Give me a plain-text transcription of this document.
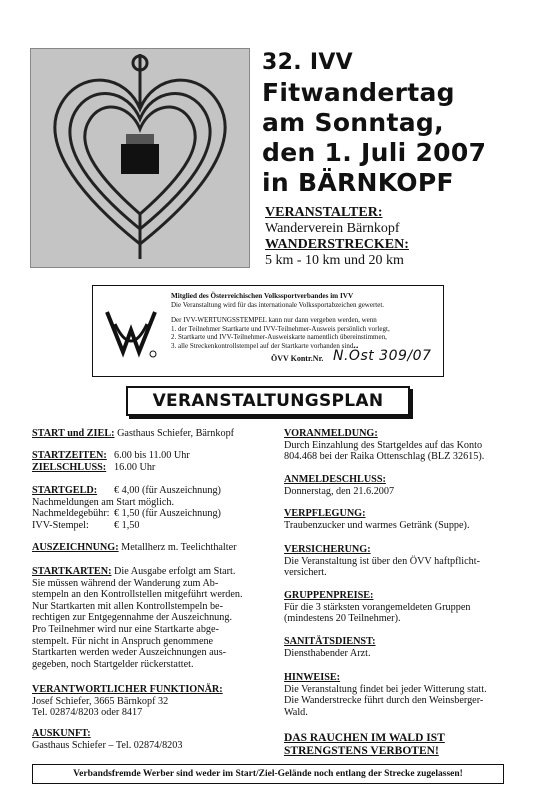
32. IVV
Fitwandertag
am Sonntag,
den 1. Juli 2007
in BÄRNKOPF
VERANSTALTER:
Wanderverein Bärnkopf
WANDERSTRECKEN:
5 km - 10 km und 20 km
Mitglied des Österreichischen Volkssportverbandes im IVV
Die Veranstaltung wird für das internationale Volkssportabzeichen gewertet.
Der IVV-WERTUNGSSTEMPEL kann nur dann vergeben werden, wenn
1. der Teilnehmer Startkarte und IVV-Teilnehmer-Ausweis persönlich vorlegt,
2. Startkarte und IVV-Teilnehmer-Ausweiskarte namentlich übereinstimmen,
3. alle Streckenkontrollstempel auf der Startkarte vorhanden sind.
ÖVV Kontr.Nr. N.Öst 309/07
VERANSTALTUNGSPLAN

START und ZIEL: Gasthaus Schiefer, Bärnkopf

STARTZEITEN: 6.00 bis 11.00 Uhr

ZIELSCHLUSS: 16.00 Uhr

STARTGELD: € 4,00 (für Auszeichnung)

Nachmeldungen am Start möglich.

Nachmeldegebühr: € 1,50 (für Auszeichnung)

IVV-Stempel: € 1,50

AUSZEICHNUNG: Metallherz m. Teelichthalter

STARTKARTEN: Die Ausgabe erfolgt am Start.

Sie müssen während der Wanderung zum Ab-

stempeln an den Kontrollstellen mitgeführt werden.

Nur Startkarten mit allen Kontrollstempeln be-

rechtigen zur Entgegennahme der Auszeichnung.

Pro Teilnehmer wird nur eine Startkarte abge-

stempelt. Für nicht in Anspruch genommene

Startkarten werden weder Auszeichnungen aus-

gegeben, noch Startgelder rückerstattet.

VERANTWORTLICHER FUNKTIONÄR:

Josef Schiefer, 3665 Bärnkopf 32

Tel. 02874/8203 oder 8417

AUSKUNFT:

Gasthaus Schiefer – Tel. 02874/8203

VORANMELDUNG:

Durch Einzahlung des Startgeldes auf das Konto

804.468 bei der Raika Ottenschlag (BLZ 32615).

ANMELDESCHLUSS:

Donnerstag, den 21.6.2007

VERPFLEGUNG:

Traubenzucker und warmes Getränk (Suppe).

VERSICHERUNG:

Die Veranstaltung ist über den ÖVV haftpflicht-

versichert.

GRUPPENPREISE:

Für die 3 stärksten vorangemeldeten Gruppen

(mindestens 20 Teilnehmer).

SANITÄTSDIENST:

Diensthabender Arzt.

HINWEISE:

Die Veranstaltung findet bei jeder Witterung statt.

Die Wanderstrecke führt durch den Weinsberger-

Wald.

DAS RAUCHEN IM WALD IST
STRENGSTENS VERBOTEN!
Verbandsfremde Werber sind weder im Start/Ziel-Gelände noch entlang der Strecke zugelassen!
